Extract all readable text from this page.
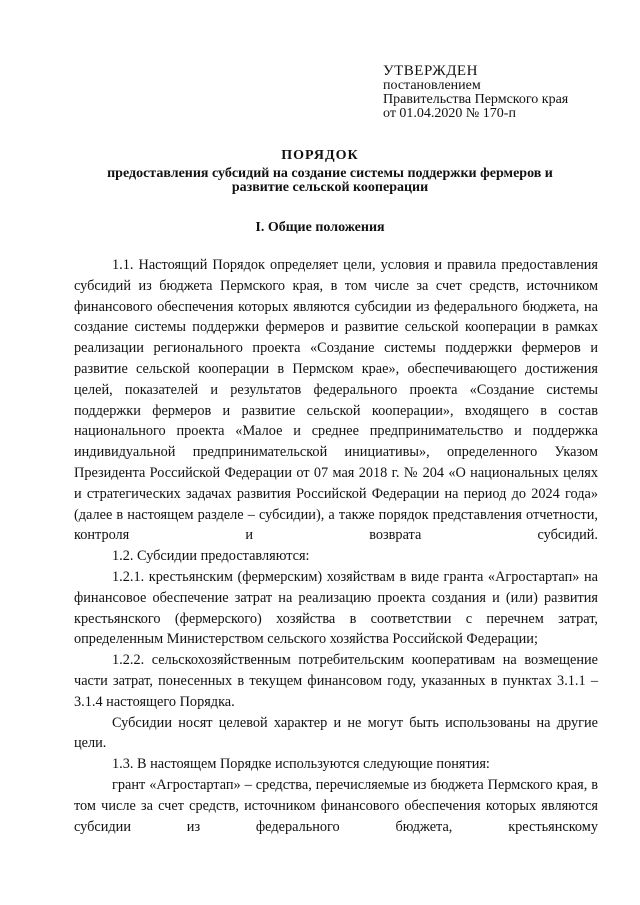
УТВЕРЖДЕН
постановлением
Правительства Пермского края
от 01.04.2020 № 170-п
ПОРЯДОК
предоставления субсидий на создание системы поддержки фермеров и развитие сельской кооперации
I. Общие положения

1.1. Настоящий Порядок определяет цели, условия и правила предоставления субсидий из бюджета Пермского края, в том числе за счет средств, источником финансового обеспечения которых являются субсидии из федерального бюджета, на создание системы поддержки фермеров и развитие сельской кооперации в рамках реализации регионального проекта «Создание системы поддержки фермеров и развитие сельской кооперации в Пермском крае», обеспечивающего достижения целей, показателей и результатов федерального проекта «Создание системы поддержки фермеров и развитие сельской кооперации», входящего в состав национального проекта «Малое и среднее предпринимательство и поддержка индивидуальной предпринимательской инициативы», определенного Указом Президента Российской Федерации от 07 мая 2018 г. № 204 «О национальных целях и стратегических задачах развития Российской Федерации на период до 2024 года» (далее в настоящем разделе – субсидии), а также порядок представления отчетности, контроля и возврата субсидий.

1.2. Субсидии предоставляются:

1.2.1. крестьянским (фермерским) хозяйствам в виде гранта «Агростартап» на финансовое обеспечение затрат на реализацию проекта создания и (или) развития крестьянского (фермерского) хозяйства в соответствии с перечнем затрат, определенным Министерством сельского хозяйства Российской Федерации;

1.2.2. сельскохозяйственным потребительским кооперативам на возмещение части затрат, понесенных в текущем финансовом году, указанных в пунктах 3.1.1 – 3.1.4 настоящего Порядка.

Субсидии носят целевой характер и не могут быть использованы на другие цели.

1.3. В настоящем Порядке используются следующие понятия:

грант «Агростартап» – средства, перечисляемые из бюджета Пермского края, в том числе за счет средств, источником финансового обеспечения которых являются субсидии из федерального бюджета, крестьянскому
